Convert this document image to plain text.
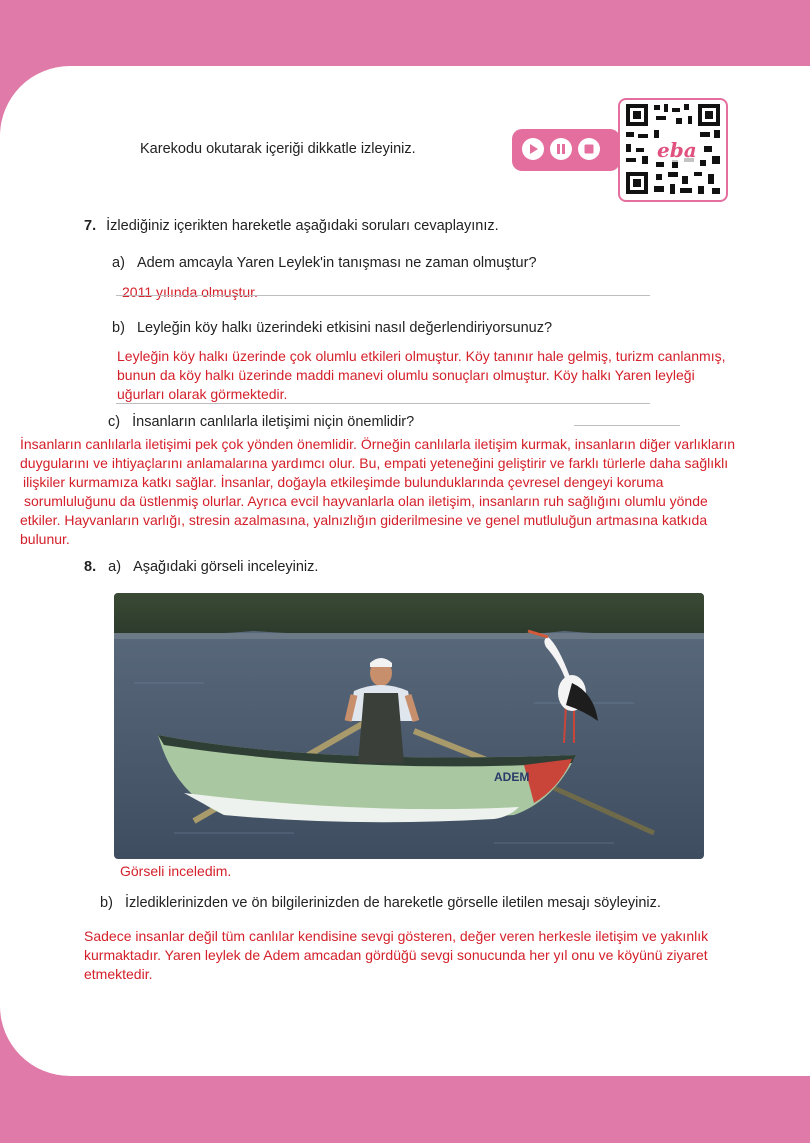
Karekodu okutarak içeriği dikkatle izleyiniz.	eba
7. İzlediğiniz içerikten hareketle aşağıdaki soruları cevaplayınız.
a) Adem amcayla Yaren Leylek'in tanışması ne zaman olmuştur?
2011 yılında olmuştur.
b) Leyleğin köy halkı üzerindeki etkisini nasıl değerlendiriyorsunuz?
Leyleğin köy halkı üzerinde çok olumlu etkileri olmuştur. Köy tanınır hale gelmiş, turizm canlanmış,
bunun da köy halkı üzerinde maddi manevi olumlu sonuçları olmuştur. Köy halkı Yaren leyleği
uğurları olarak görmektedir.
c) İnsanların canlılarla iletişimi niçin önemlidir?
İnsanların canlılarla iletişimi pek çok yönden önemlidir. Örneğin canlılarla iletişim kurmak, insanların diğer varlıkların
duygularını ve ihtiyaçlarını anlamalarına yardımcı olur. Bu, empati yeteneğini geliştirir ve farklı türlerle daha sağlıklı
ilişkiler kurmamıza katkı sağlar. İnsanlar, doğayla etkileşimde bulunduklarında çevresel dengeyi koruma
sorumluluğunu da üstlenmiş olurlar. Ayrıca evcil hayvanlarla olan iletişim, insanların ruh sağlığını olumlu yönde
etkiler. Hayvanların varlığı, stresin azalmasına, yalnızlığın giderilmesine ve genel mutluluğun artmasına katkıda
bulunur.
8. a) Aşağıdaki görseli inceleyiniz.
ADEM
Görseli inceledim.
b) İzlediklerinizden ve ön bilgilerinizden de hareketle görselle iletilen mesajı söyleyiniz.
Sadece insanlar değil tüm canlılar kendisine sevgi gösteren, değer veren herkesle iletişim ve yakınlık
kurmaktadır. Yaren leylek de Adem amcadan gördüğü sevgi sonucunda her yıl onu ve köyünü ziyaret
etmektedir.
